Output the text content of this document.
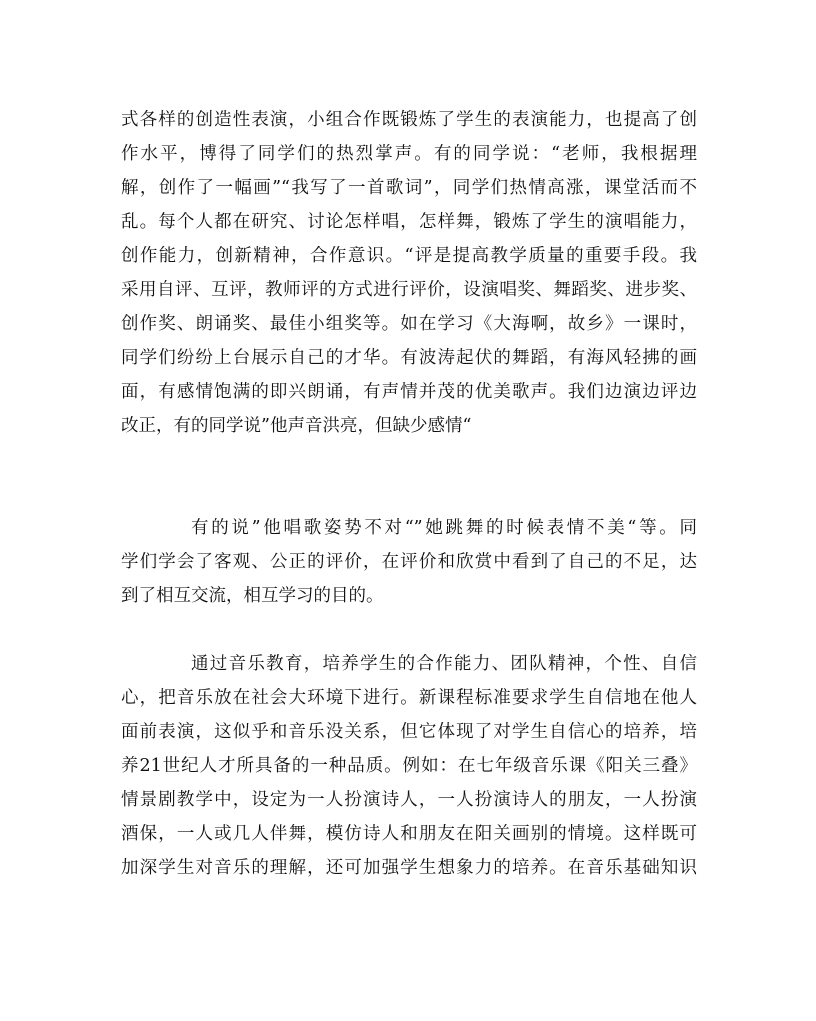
式各样的创造性表演，小组合作既锻炼了学生的表演能力，也提高了创
作水平，博得了同学们的热烈掌声。有的同学说：“老师，我根据理
解，创作了一幅画”“我写了一首歌词”，同学们热情高涨，课堂活而不
乱。每个人都在研究、讨论怎样唱，怎样舞，锻炼了学生的演唱能力，
创作能力，创新精神，合作意识。“评是提高教学质量的重要手段。我
采用自评、互评，教师评的方式进行评价，设演唱奖、舞蹈奖、进步奖、
创作奖、朗诵奖、最佳小组奖等。如在学习《大海啊，故乡》一课时，
同学们纷纷上台展示自己的才华。有波涛起伏的舞蹈，有海风轻拂的画
面，有感情饱满的即兴朗诵，有声情并茂的优美歌声。我们边演边评边
改正，有的同学说”他声音洪亮，但缺少感情“
有的说”他唱歌姿势不对“”她跳舞的时候表情不美“等。同
学们学会了客观、公正的评价，在评价和欣赏中看到了自己的不足，达
到了相互交流，相互学习的目的。
通过音乐教育，培养学生的合作能力、团队精神，个性、自信
心，把音乐放在社会大环境下进行。新课程标准要求学生自信地在他人
面前表演，这似乎和音乐没关系，但它体现了对学生自信心的培养，培
养21世纪人才所具备的一种品质。例如：在七年级音乐课《阳关三叠》
情景剧教学中，设定为一人扮演诗人，一人扮演诗人的朋友，一人扮演
酒保，一人或几人伴舞，模仿诗人和朋友在阳关画别的情境。这样既可
加深学生对音乐的理解，还可加强学生想象力的培养。在音乐基础知识
